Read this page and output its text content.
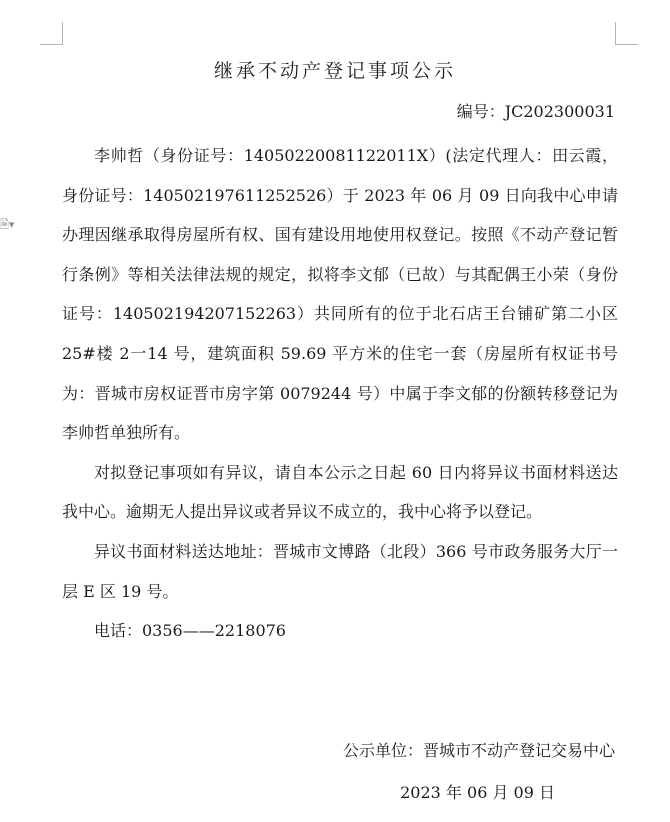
🗎▾
继承不动产登记事项公示
编号：JC202300031

李帅哲（身份证号：14050220081122011X）(法定代理人：田云霞，身份证号：140502197611252526）于 2023 年 06 月 09 日向我中心申请办理因继承取得房屋所有权、国有建设用地使用权登记。按照《不动产登记暂行条例》等相关法律法规的规定，拟将李文郁（已故）与其配偶王小荣（身份证号：140502194207152263）共同所有的位于北石店王台铺矿第二小区 25#楼 2一14 号，建筑面积 59.69 平方米的住宅一套（房屋所有权证书号为：晋城市房权证晋市房字第 0079244 号）中属于李文郁的份额转移登记为李帅哲单独所有。

对拟登记事项如有异议，请自本公示之日起 60 日内将异议书面材料送达我中心。逾期无人提出异议或者异议不成立的，我中心将予以登记。

异议书面材料送达地址：晋城市文博路（北段）366 号市政务服务大厅一层 E 区 19 号。

电话：0356——2218076

公示单位：晋城市不动产登记交易中心
2023 年 06 月 09 日
